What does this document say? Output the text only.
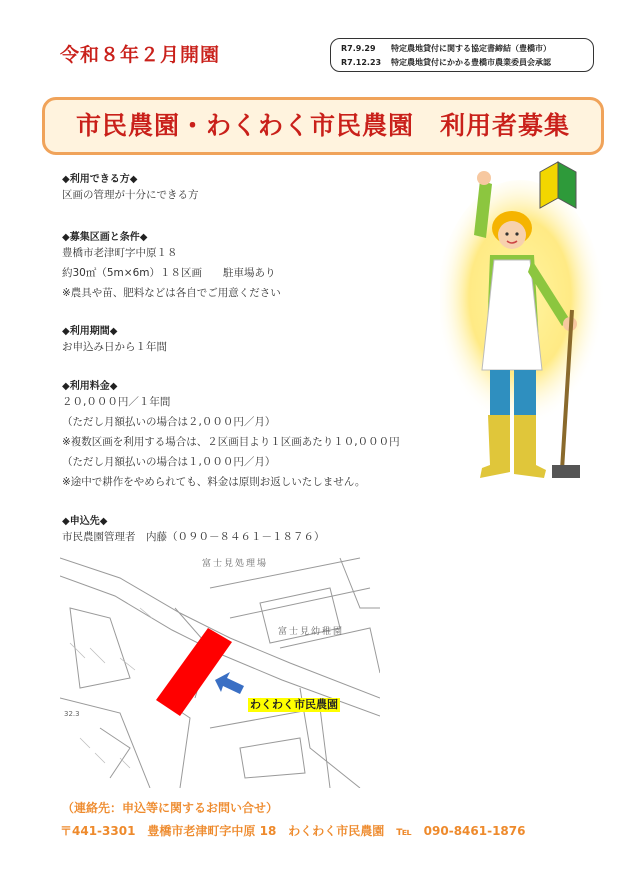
令和８年２月開園	R7.9.29 特定農地貸付に関する協定書締結（豊橋市）
R7.12.23 特定農地貸付にかかる豊橋市農業委員会承認
市民農園・わくわく市民農園　利用者募集
◆利用できる方◆
区画の管理が十分にできる方
◆募集区画と条件◆
豊橋市老津町字中原１８
約30㎡（5m×6m）１８区画　　駐車場あり
※農具や苗、肥料などは各自でご用意ください
◆利用期間◆
お申込み日から１年間
◆利用料金◆
２０,０００円／１年間
（ただし月額払いの場合は２,０００円／月）
※複数区画を利用する場合は、２区画目より１区画あたり１０,０００円
（ただし月額払いの場合は１,０００円／月）
※途中で耕作をやめられても、料金は原則お返しいたしません。
◆申込先◆
市民農園管理者　内藤（０９０－８４６１－１８７６）
富士見処理場
富士見幼稚園
32.3
わくわく市民農園
（連絡先：申込等に関するお問い合せ）
〒441-3301　豊橋市老津町字中原 18　わくわく市民農園　℡　090-8461-1876
